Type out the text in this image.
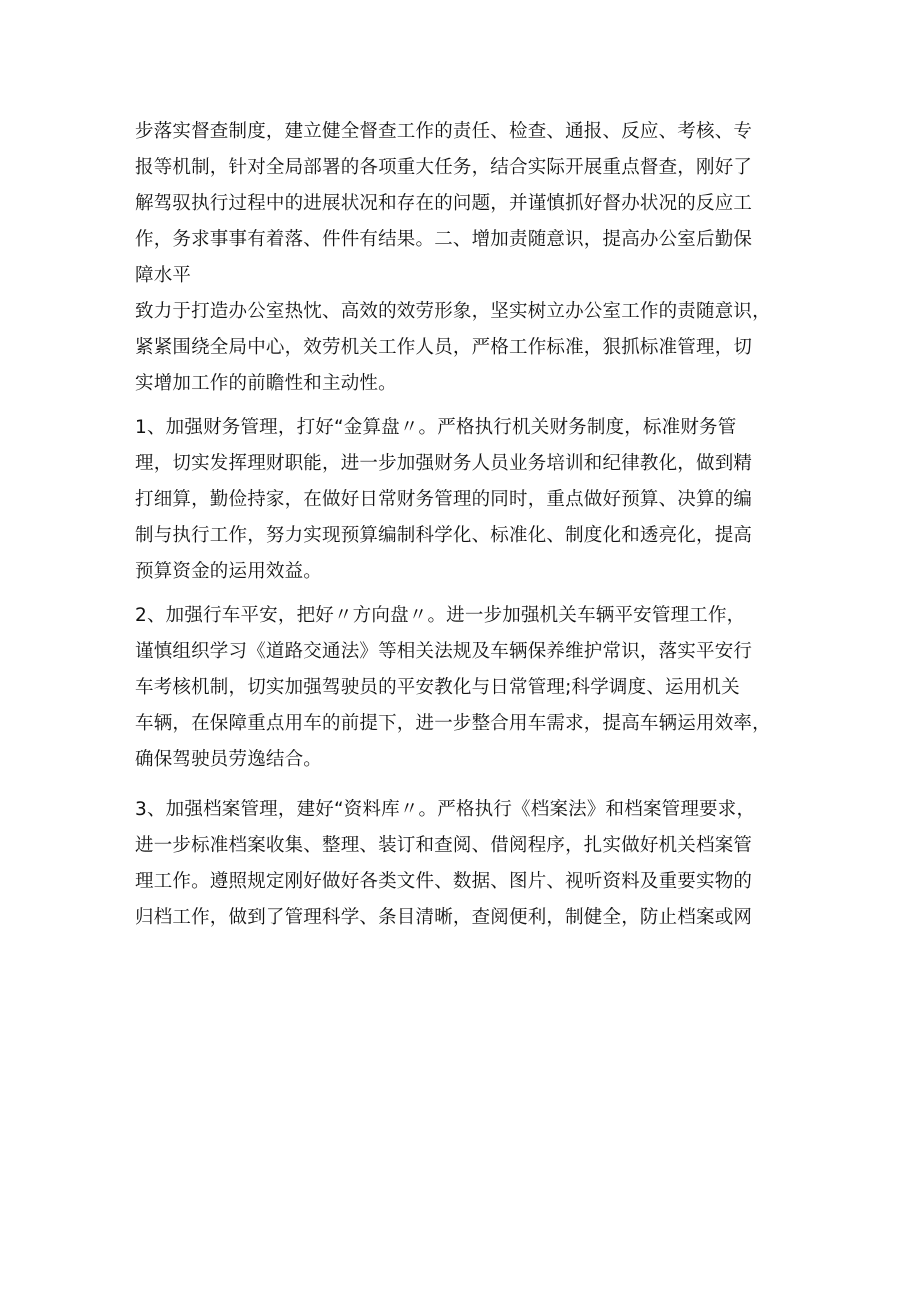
步落实督查制度，建立健全督查工作的责任、检查、通报、反应、考核、专
报等机制，针对全局部署的各项重大任务，结合实际开展重点督查，刚好了
解驾驭执行过程中的进展状况和存在的问题，并谨慎抓好督办状况的反应工
作，务求事事有着落、件件有结果。二、增加责随意识，提高办公室后勤保
障水平
致力于打造办公室热忱、高效的效劳形象，坚实树立办公室工作的责随意识，
紧紧围绕全局中心，效劳机关工作人员，严格工作标准，狠抓标准管理，切
实增加工作的前瞻性和主动性。
1、加强财务管理，打好“金算盘〃。严格执行机关财务制度，标准财务管
理，切实发挥理财职能，进一步加强财务人员业务培训和纪律教化，做到精
打细算，勤俭持家，在做好日常财务管理的同时，重点做好预算、决算的编
制与执行工作，努力实现预算编制科学化、标准化、制度化和透亮化，提高
预算资金的运用效益。
2、加强行车平安，把好〃方向盘〃。进一步加强机关车辆平安管理工作，
谨慎组织学习《道路交通法》等相关法规及车辆保养维护常识，落实平安行
车考核机制，切实加强驾驶员的平安教化与日常管理;科学调度、运用机关
车辆，在保障重点用车的前提下，进一步整合用车需求，提高车辆运用效率，
确保驾驶员劳逸结合。
3、加强档案管理，建好“资料库〃。严格执行《档案法》和档案管理要求，
进一步标准档案收集、整理、装订和查阅、借阅程序，扎实做好机关档案管
理工作。遵照规定刚好做好各类文件、数据、图片、视听资料及重要实物的
归档工作，做到了管理科学、条目清晰，查阅便利，制健全，防止档案或网
